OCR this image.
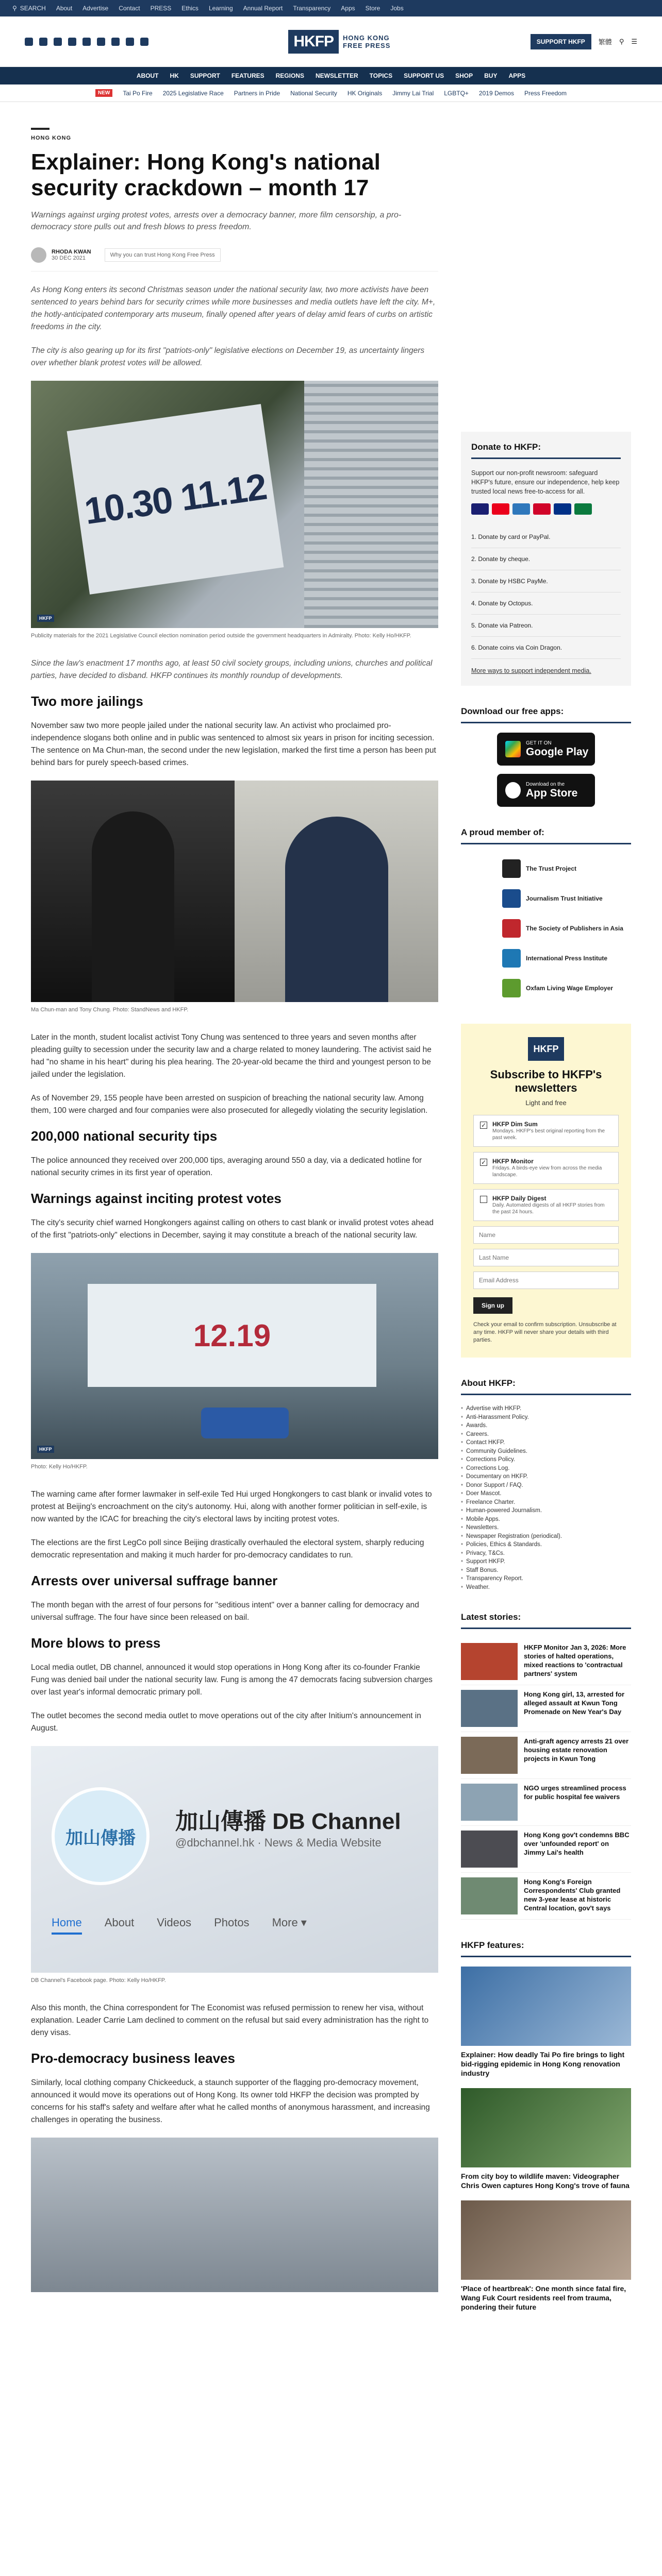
⚲ SEARCH About Advertise Contact PRESS Ethics Learning Annual Report Transparency Apps Store Jobs
HKFP	HONG KONG
FREE PRESS	SUPPORT HKFP	繁體 ⚲ ☰
ABOUT HK SUPPORT FEATURES REGIONS NEWSLETTER TOPICS SUPPORT US SHOP BUY APPS
NEW	Tai Po Fire 2025 Legislative Race Partners in Pride National Security HK Originals Jimmy Lai Trial LGBTQ+ 2019 Demos Press Freedom
HONG KONG
Explainer: Hong Kong's national security crackdown – month 17

Warnings against urging protest votes, arrests over a democracy banner, more film censorship, a pro-democracy store pulls out and fresh blows to press freedom.

RHODA KWAN
30 DEC 2021	Why you can trust Hong Kong Free Press

As Hong Kong enters its second Christmas season under the national security law, two more activists have been sentenced to years behind bars for security crimes while more businesses and media outlets have left the city. M+, the hotly-anticipated contemporary arts museum, finally opened after years of delay amid fears of curbs on artistic freedoms in the city.

The city is also gearing up for its first "patriots-only" legislative elections on December 19, as uncertainty lingers over whether blank protest votes will be allowed.

10.30 11.12
HKFP
Publicity materials for the 2021 Legislative Council election nomination period outside the government headquarters in Admiralty. Photo: Kelly Ho/HKFP.

Since the law's enactment 17 months ago, at least 50 civil society groups, including unions, churches and political parties, have decided to disband. HKFP continues its monthly roundup of developments.

Two more jailings

November saw two more people jailed under the national security law. An activist who proclaimed pro-independence slogans both online and in public was sentenced to almost six years in prison for inciting secession. The sentence on Ma Chun-man, the second under the new legislation, marked the first time a person has been put behind bars for purely speech-based crimes.

Ma Chun-man and Tony Chung. Photo: StandNews and HKFP.

Later in the month, student localist activist Tony Chung was sentenced to three years and seven months after pleading guilty to secession under the security law and a charge related to money laundering. The activist said he had "no shame in his heart" during his plea hearing. The 20-year-old became the third and youngest person to be jailed under the legislation.

As of November 29, 155 people have been arrested on suspicion of breaching the national security law. Among them, 100 were charged and four companies were also prosecuted for allegedly violating the security legislation.

200,000 national security tips

The police announced they received over 200,000 tips, averaging around 550 a day, via a dedicated hotline for national security crimes in its first year of operation.

Warnings against inciting protest votes

The city's security chief warned Hongkongers against calling on others to cast blank or invalid protest votes ahead of the first "patriots-only" elections in December, saying it may constitute a breach of the national security law.

12.19
HKFP
Photo: Kelly Ho/HKFP.

The warning came after former lawmaker in self-exile Ted Hui urged Hongkongers to cast blank or invalid votes to protest at Beijing's encroachment on the city's autonomy. Hui, along with another former politician in self-exile, is now wanted by the ICAC for breaching the city's electoral laws by inciting protest votes.

The elections are the first LegCo poll since Beijing drastically overhauled the electoral system, sharply reducing democratic representation and making it much harder for pro-democracy candidates to run.

Arrests over universal suffrage banner

The month began with the arrest of four persons for "seditious intent" over a banner calling for democracy and universal suffrage. The four have since been released on bail.

More blows to press

Local media outlet, DB channel, announced it would stop operations in Hong Kong after its co-founder Frankie Fung was denied bail under the national security law. Fung is among the 47 democrats facing subversion charges over last year's informal democratic primary poll.

The outlet becomes the second media outlet to move operations out of the city after Initium's announcement in August.

加山傳播
加山傳播 DB Channel
@dbchannel.hk · News & Media Website
Home About Videos Photos More ▾
DB Channel's Facebook page. Photo: Kelly Ho/HKFP.

Also this month, the China correspondent for The Economist was refused permission to renew her visa, without explanation. Leader Carrie Lam declined to comment on the refusal but said every administration has the right to deny visas.

Pro-democracy business leaves

Similarly, local clothing company Chickeeduck, a staunch supporter of the flagging pro-democracy movement, announced it would move its operations out of Hong Kong. Its owner told HKFP the decision was prompted by concerns for his staff's safety and welfare after what he called months of anonymous harassment, and increasing challenges in operating the business.

Donate to HKFP:
Support our non-profit newsroom: safeguard HKFP's future, ensure our independence, help keep trusted local news free-to-access for all.
1. Donate by card or PayPal.
2. Donate by cheque.
3. Donate by HSBC PayMe.
4. Donate by Octopus.
5. Donate via Patreon.
6. Donate coins via Coin Dragon.
More ways to support independent media.
Download our free apps:
GET IT ON
Google Play
Download on the
App Store
A proud member of:
The Trust Project
Journalism Trust Initiative
The Society of Publishers in Asia
International Press Institute
Oxfam Living Wage Employer
HKFP
Subscribe to HKFP's newsletters
Light and free
✓ HKFP Dim Sum
Mondays. HKFP's best original reporting from the past week.
✓ HKFP Monitor
Fridays. A birds-eye view from across the media landscape.
HKFP Daily Digest
Daily. Automated digests of all HKFP stories from the past 24 hours.
Name
Last Name
Email Address
Sign up
Check your email to confirm subscription. Unsubscribe at any time. HKFP will never share your details with third parties.
About HKFP:
• Advertise with HKFP.
• Anti-Harassment Policy.
• Awards.
• Careers.
• Contact HKFP.
• Community Guidelines.
• Corrections Policy.
• Corrections Log.
• Documentary on HKFP.
• Donor Support / FAQ.
• Doer Mascot.
• Freelance Charter.
• Human-powered Journalism.
• Mobile Apps.
• Newsletters.
• Newspaper Registration (periodical).
• Policies, Ethics & Standards.
• Privacy, T&Cs.
• Support HKFP.
• Staff Bonus.
• Transparency Report.
• Weather.
Latest stories:
HKFP Monitor Jan 3, 2026: More stories of halted operations, mixed reactions to 'contractual partners' system
Hong Kong girl, 13, arrested for alleged assault at Kwun Tong Promenade on New Year's Day
Anti-graft agency arrests 21 over housing estate renovation projects in Kwun Tong
NGO urges streamlined process for public hospital fee waivers
Hong Kong gov't condemns BBC over 'unfounded report' on Jimmy Lai's health
Hong Kong's Foreign Correspondents' Club granted new 3-year lease at historic Central location, gov't says
HKFP features:
Explainer: How deadly Tai Po fire brings to light bid-rigging epidemic in Hong Kong renovation industry
From city boy to wildlife maven: Videographer Chris Owen captures Hong Kong's trove of fauna
'Place of heartbreak': One month since fatal fire, Wang Fuk Court residents reel from trauma, pondering their future
